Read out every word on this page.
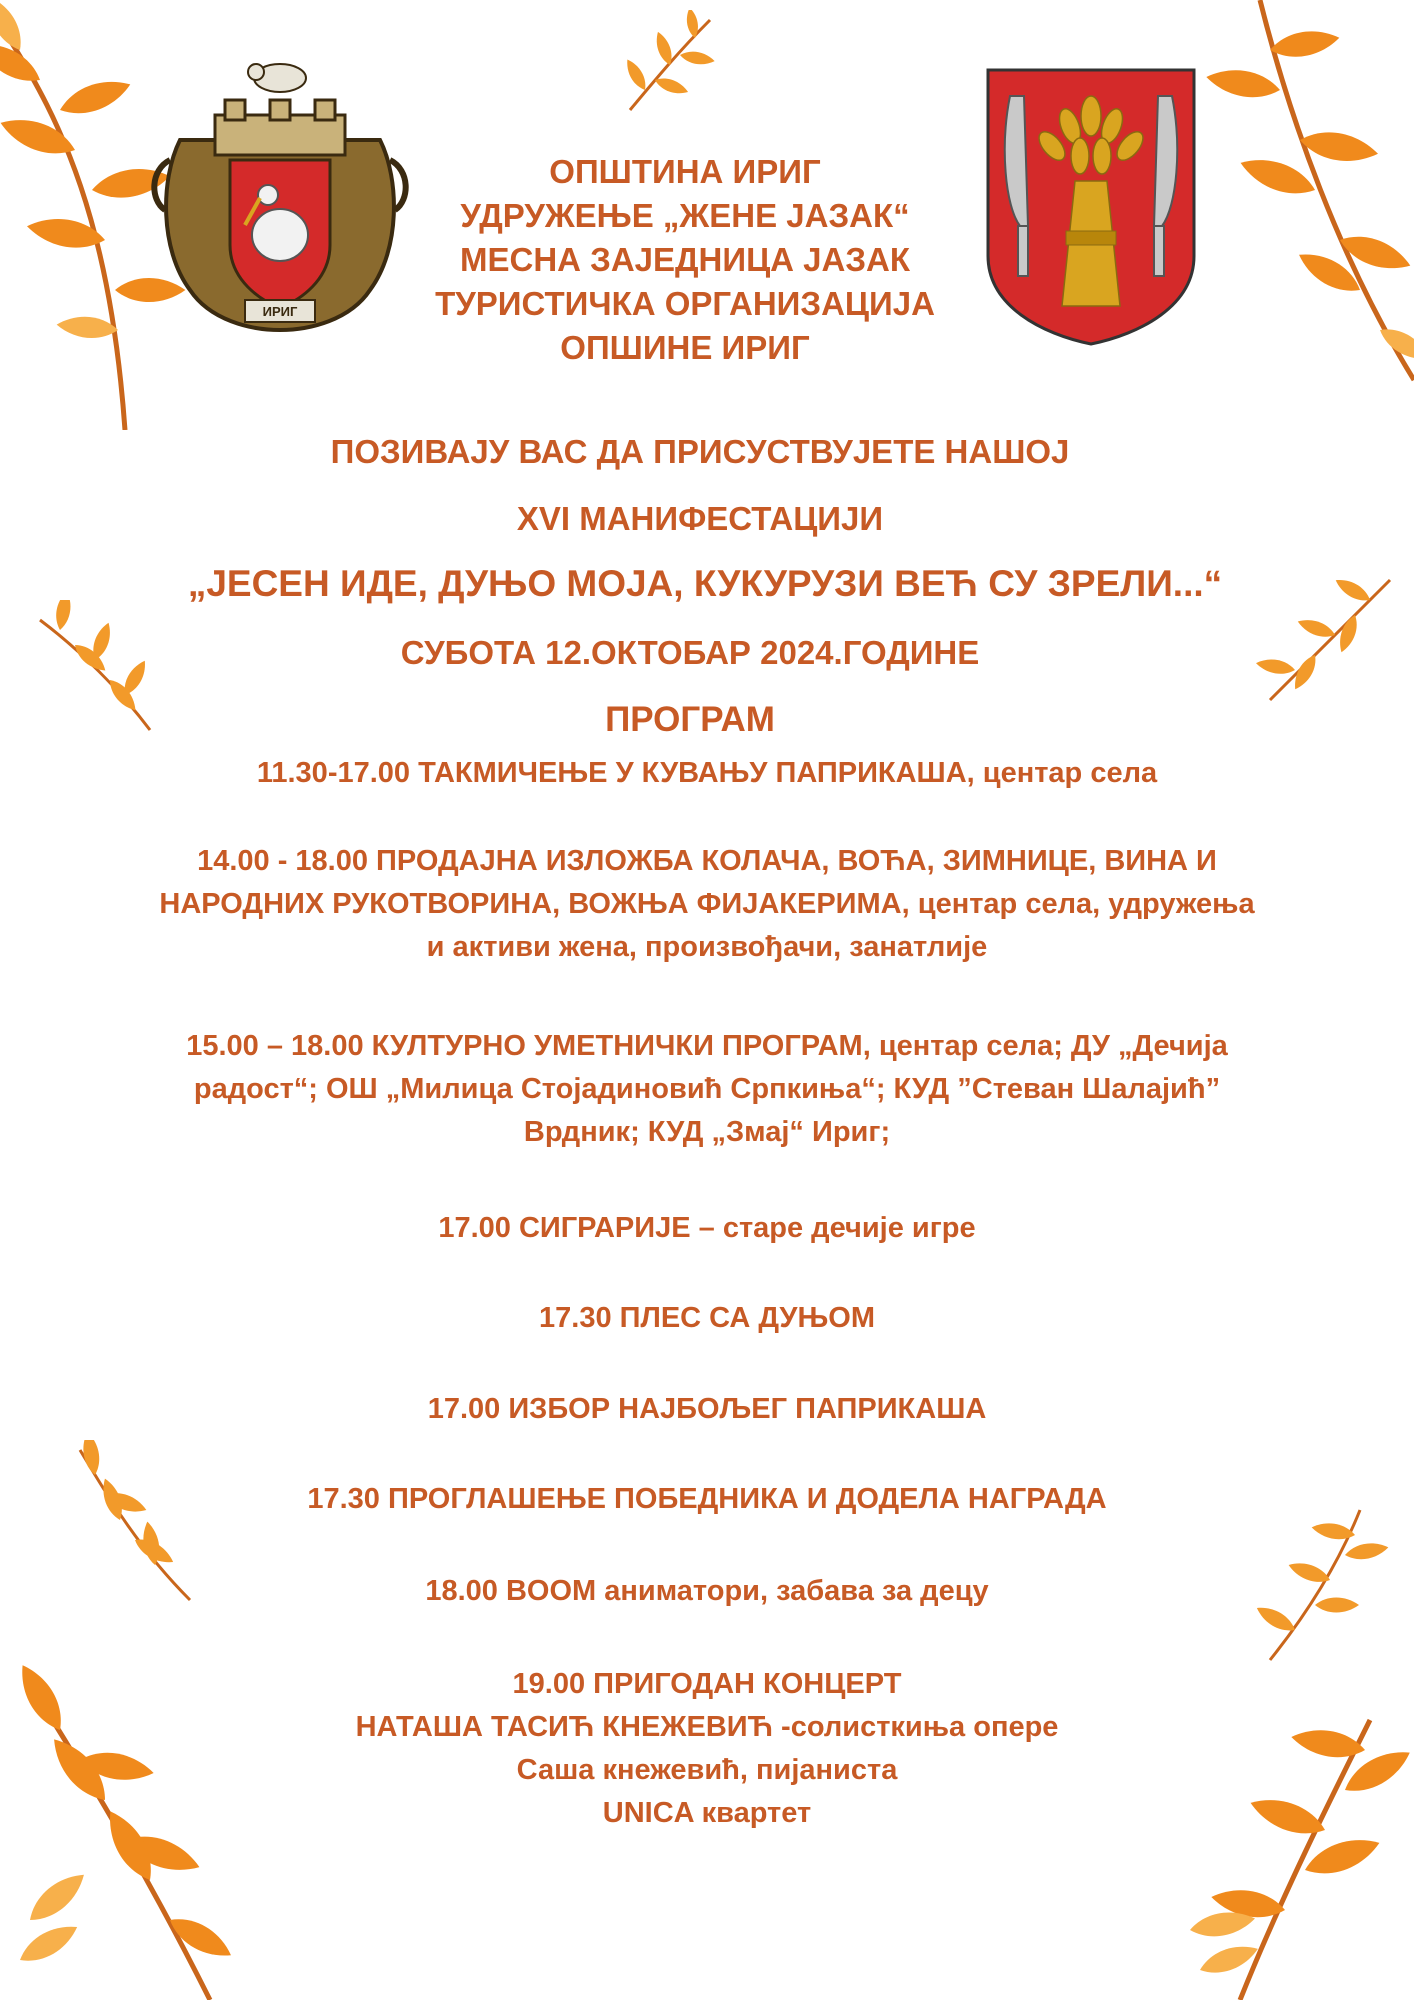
ИРИГ
ОПШТИНА ИРИГ
УДРУЖЕЊЕ „ЖЕНЕ ЈАЗАК“
МЕСНА ЗАЈЕДНИЦА ЈАЗАК
ТУРИСТИЧКА ОРГАНИЗАЦИЈА
ОПШИНЕ ИРИГ
ПОЗИВАЈУ ВАС ДА ПРИСУСТВУЈЕТЕ НАШОЈ
XVI МАНИФЕСТАЦИЈИ
„ЈЕСЕН ИДЕ, ДУЊО МОЈА, КУКУРУЗИ ВЕЋ СУ ЗРЕЛИ...“
СУБОТА 12.ОКТОБАР 2024.ГОДИНЕ
ПРОГРАМ
11.30-17.00 ТАКМИЧЕЊЕ У КУВАЊУ ПАПРИКАША, центар села
14.00 - 18.00 ПРОДАЈНА ИЗЛОЖБА КОЛАЧА, ВОЋА, ЗИМНИЦЕ, ВИНА И
НАРОДНИХ РУКОТВОРИНА, ВОЖЊА ФИЈАКЕРИМА, центар села, удружења
и активи жена, произвођачи, занатлије
15.00 – 18.00 КУЛТУРНО УМЕТНИЧКИ ПРОГРАМ, центар села; ДУ „Дечија
радост“; ОШ „Милица Стојадиновић Српкиња“; КУД ”Стеван Шалајић”
Врдник; КУД „Змај“ Ириг;
17.00 СИГРАРИЈЕ – старе дечије игре
17.30 ПЛЕС СА ДУЊОМ
17.00 ИЗБОР НАЈБОЉЕГ ПАПРИКАША
17.30 ПРОГЛАШЕЊЕ ПОБЕДНИКА И ДОДЕЛА НАГРАДА
18.00 BOOM аниматори, забава за децу
19.00 ПРИГОДАН КОНЦЕРТ
НАТАША ТАСИЋ КНЕЖЕВИЋ -солисткиња опере
Саша кнежевић, пијаниста
UNICA квартет
